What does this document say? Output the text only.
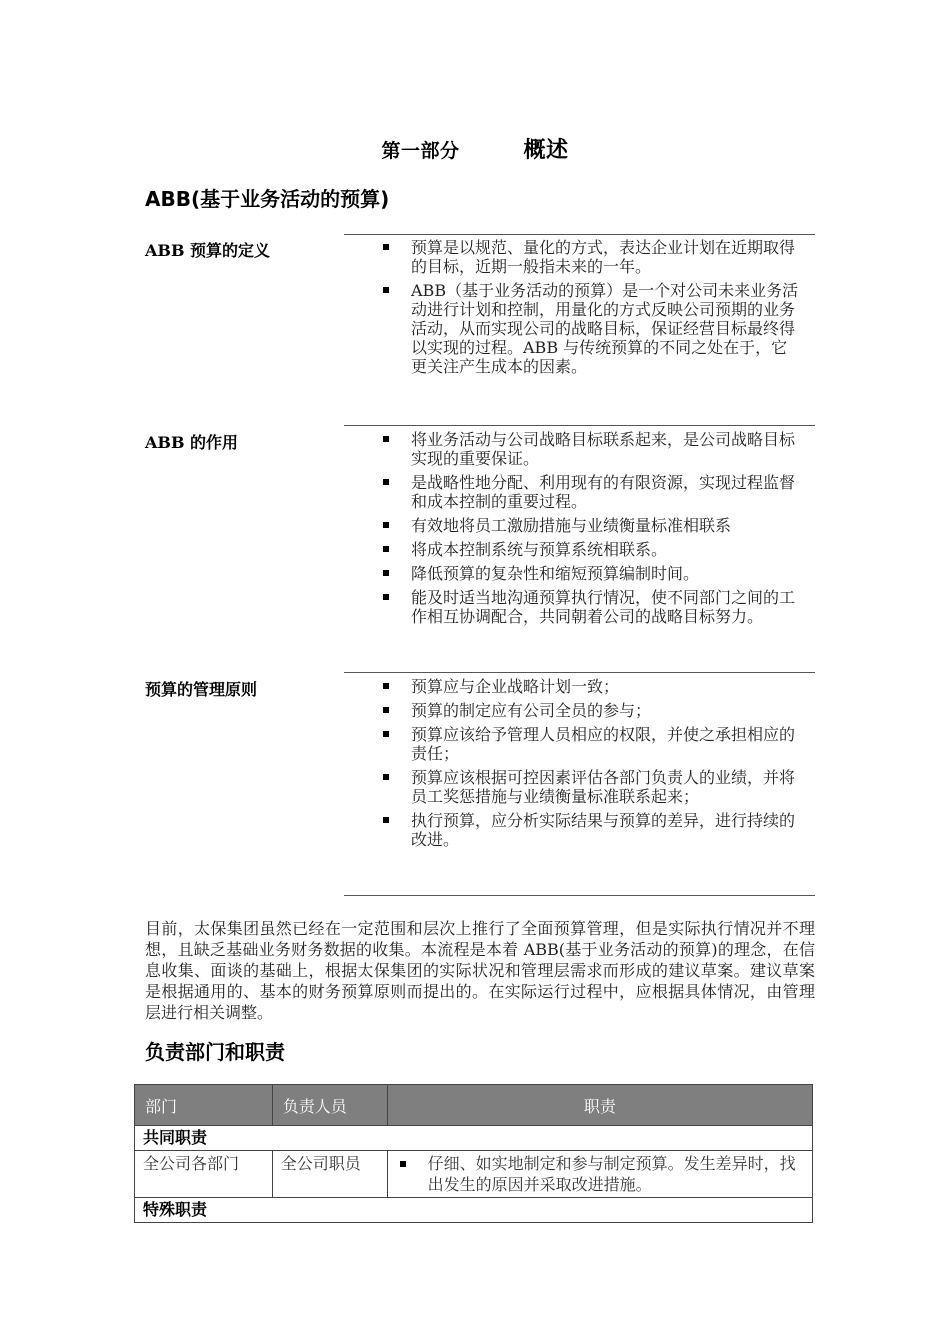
第一部分	概述
ABB(基于业务活动的预算)
ABB 预算的定义	预算是以规范、量化的方式，表达企业计划在近期取得的目标，近期一般指未来的一年。
ABB（基于业务活动的预算）是一个对公司未来业务活动进行计划和控制，用量化的方式反映公司预期的业务活动，从而实现公司的战略目标，保证经营目标最终得以实现的过程。ABB 与传统预算的不同之处在于，它更关注产生成本的因素。
ABB 的作用	将业务活动与公司战略目标联系起来，是公司战略目标实现的重要保证。
是战略性地分配、利用现有的有限资源，实现过程监督和成本控制的重要过程。
有效地将员工激励措施与业绩衡量标准相联系
将成本控制系统与预算系统相联系。
降低预算的复杂性和缩短预算编制时间。
能及时适当地沟通预算执行情况，使不同部门之间的工作相互协调配合，共同朝着公司的战略目标努力。
预算的管理原则	预算应与企业战略计划一致；
预算的制定应有公司全员的参与；
预算应该给予管理人员相应的权限，并使之承担相应的责任；
预算应该根据可控因素评估各部门负责人的业绩，并将员工奖惩措施与业绩衡量标准联系起来；
执行预算，应分析实际结果与预算的差异，进行持续的改进。
目前，太保集团虽然已经在一定范围和层次上推行了全面预算管理，但是实际执行情况并不理想，且缺乏基础业务财务数据的收集。本流程是本着 ABB(基于业务活动的预算)的理念，在信息收集、面谈的基础上，根据太保集团的实际状况和管理层需求而形成的建议草案。建议草案是根据通用的、基本的财务预算原则而提出的。在实际运行过程中，应根据具体情况，由管理层进行相关调整。
负责部门和职责
部门	负责人员	职责
共同职责		
全公司各部门	全公司职员	仔细、如实地制定和参与制定预算。发生差异时，找出发生的原因并采取改进措施。

特殊职责		
